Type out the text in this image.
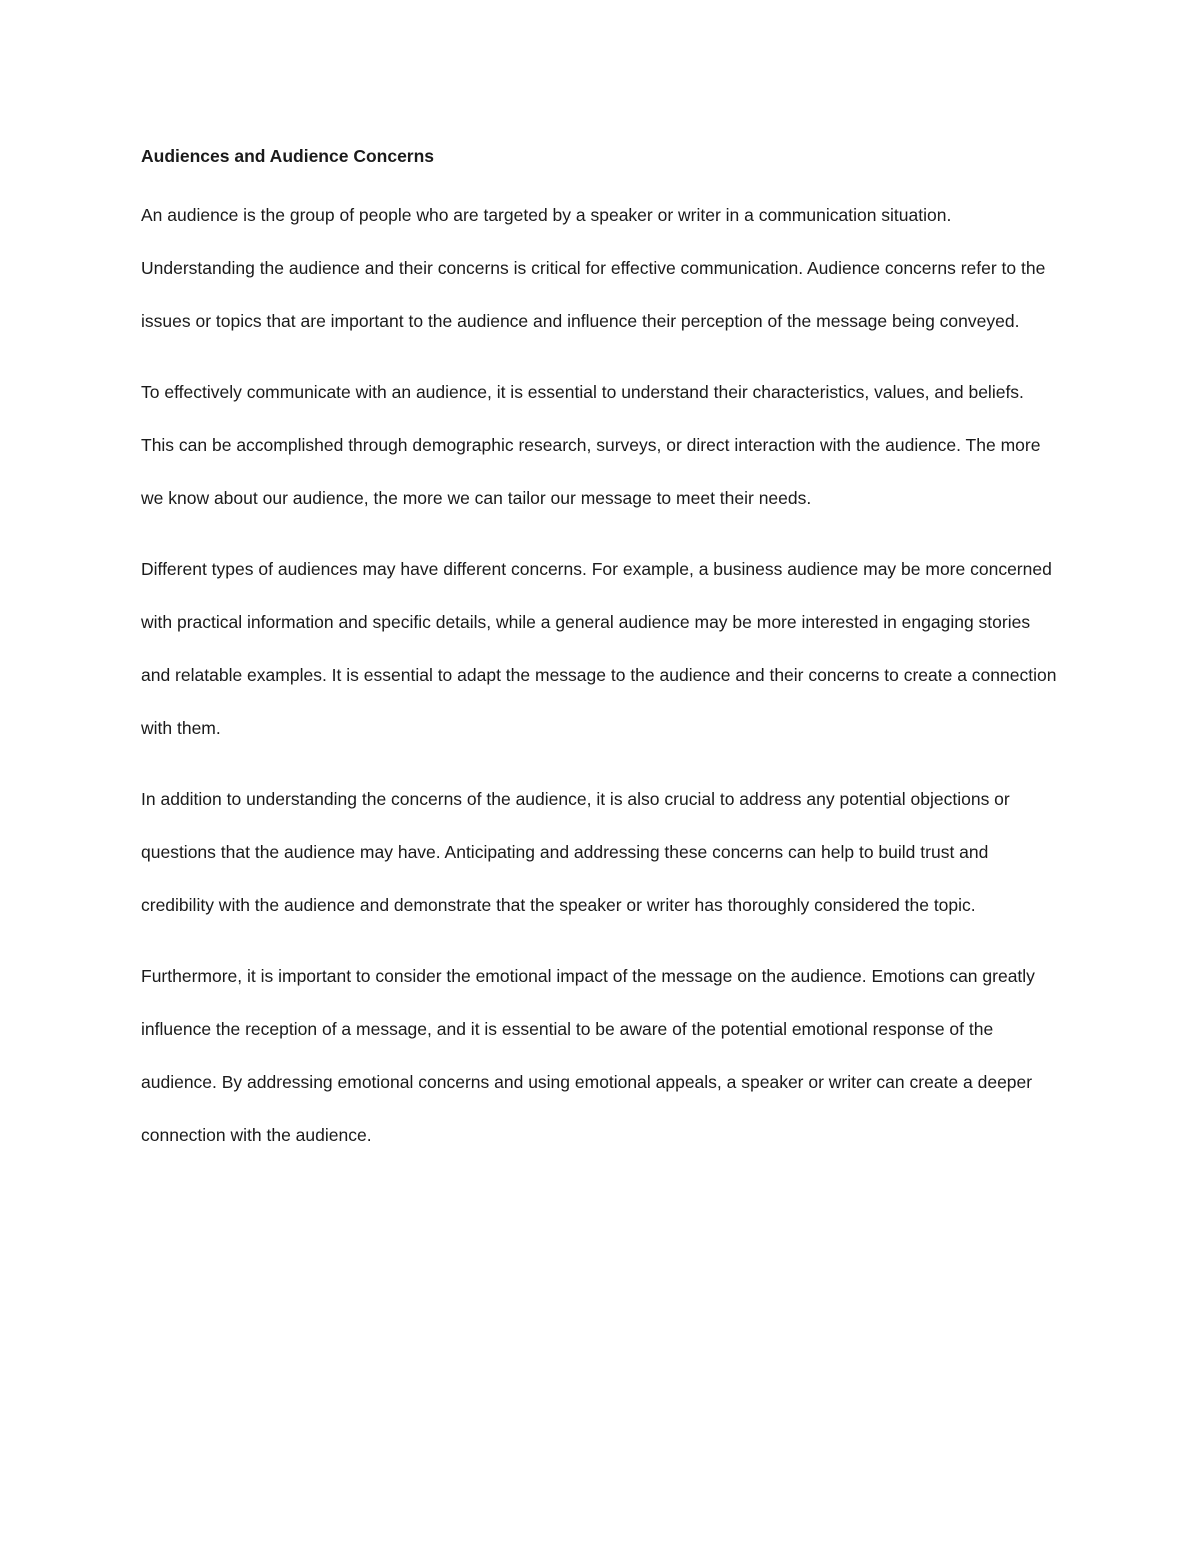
Audiences and Audience Concerns

An audience is the group of people who are targeted by a speaker or writer in a communication situation. Understanding the audience and their concerns is critical for effective communication. Audience concerns refer to the issues or topics that are important to the audience and influence their perception of the message being conveyed.

To effectively communicate with an audience, it is essential to understand their characteristics, values, and beliefs. This can be accomplished through demographic research, surveys, or direct interaction with the audience. The more we know about our audience, the more we can tailor our message to meet their needs.

Different types of audiences may have different concerns. For example, a business audience may be more concerned with practical information and specific details, while a general audience may be more interested in engaging stories and relatable examples. It is essential to adapt the message to the audience and their concerns to create a connection with them.

In addition to understanding the concerns of the audience, it is also crucial to address any potential objections or questions that the audience may have. Anticipating and addressing these concerns can help to build trust and credibility with the audience and demonstrate that the speaker or writer has thoroughly considered the topic.

Furthermore, it is important to consider the emotional impact of the message on the audience. Emotions can greatly influence the reception of a message, and it is essential to be aware of the potential emotional response of the audience. By addressing emotional concerns and using emotional appeals, a speaker or writer can create a deeper connection with the audience.
